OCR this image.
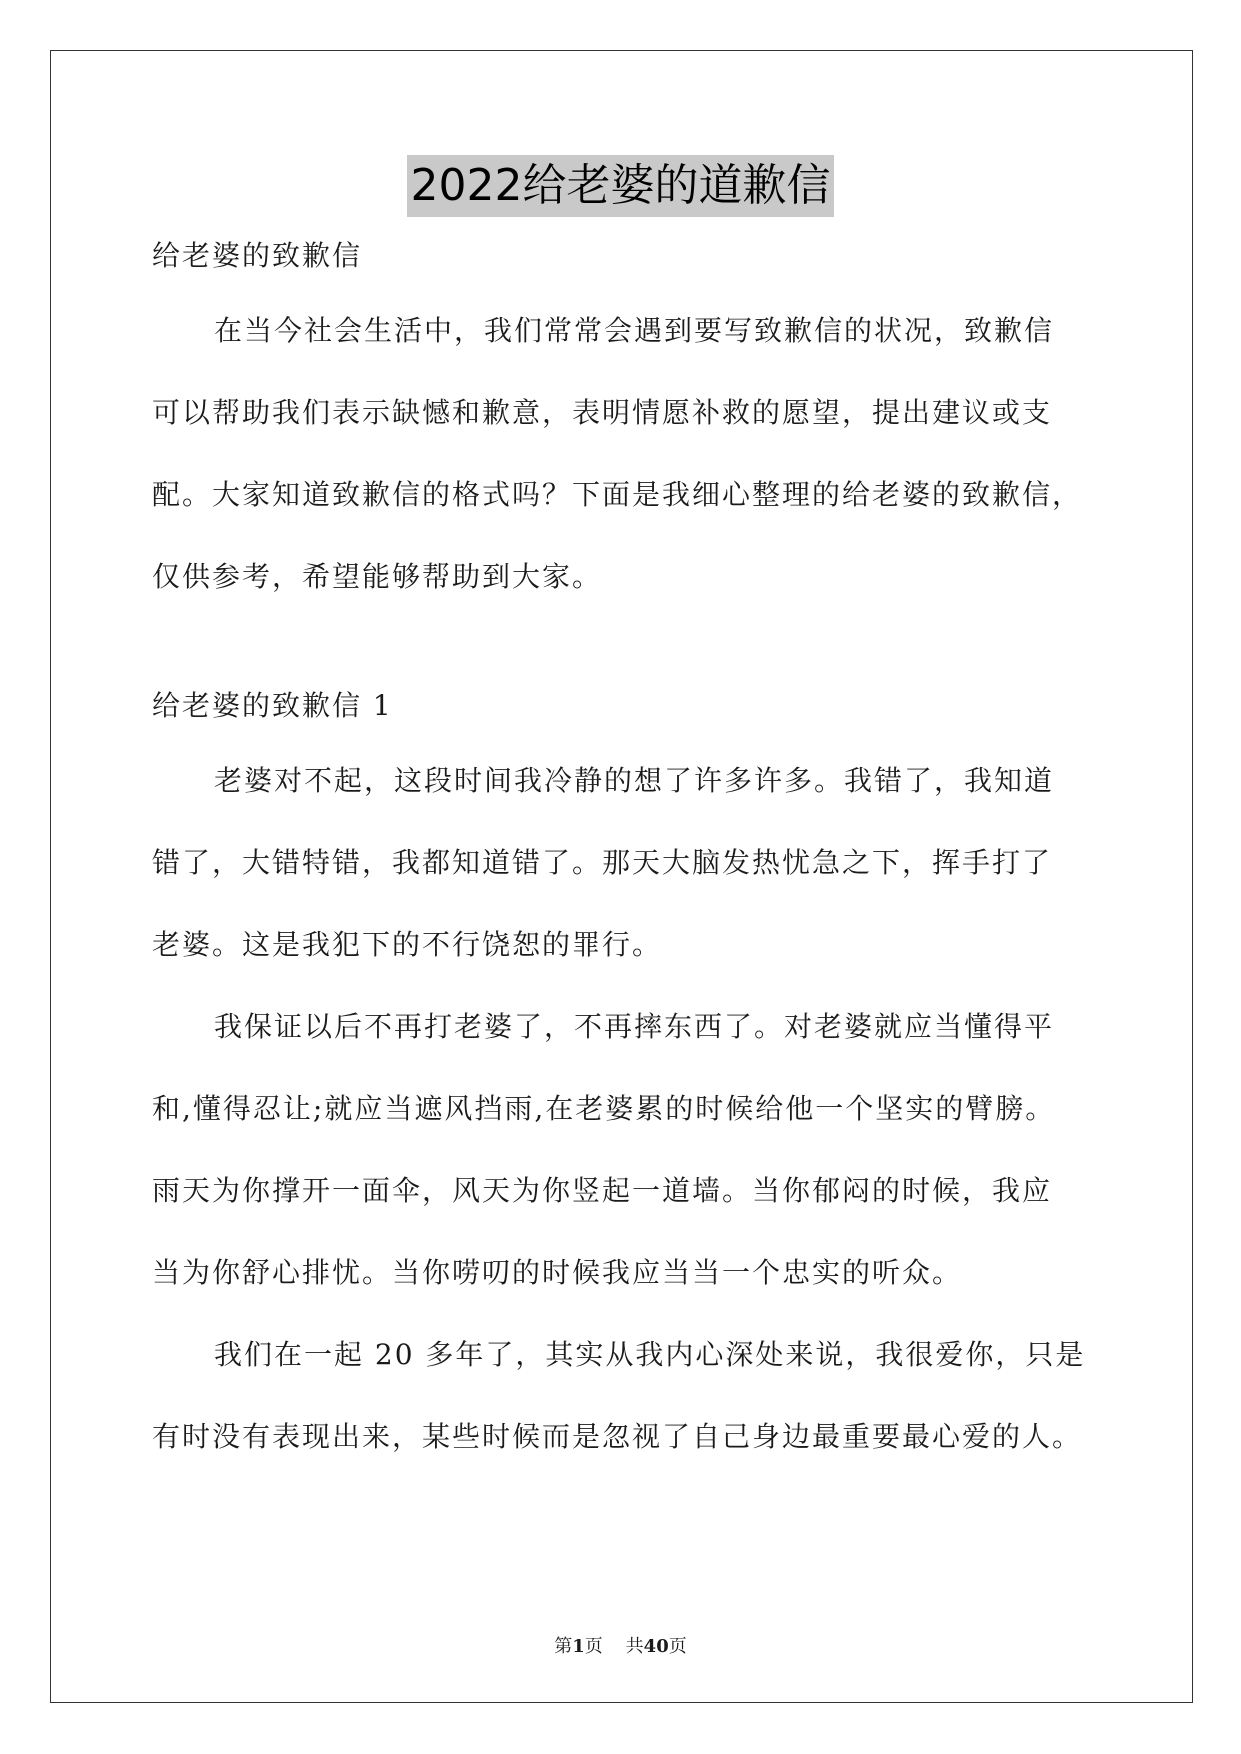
2022给老婆的道歉信
给老婆的致歉信
在当今社会生活中，我们常常会遇到要写致歉信的状况，致歉信
可以帮助我们表示缺憾和歉意，表明情愿补救的愿望，提出建议或支
配。大家知道致歉信的格式吗？下面是我细心整理的给老婆的致歉信，
仅供参考，希望能够帮助到大家。
给老婆的致歉信 1
老婆对不起，这段时间我冷静的想了许多许多。我错了，我知道
错了，大错特错，我都知道错了。那天大脑发热忧急之下，挥手打了
老婆。这是我犯下的不行饶恕的罪行。
我保证以后不再打老婆了，不再摔东西了。对老婆就应当懂得平
和,懂得忍让;就应当遮风挡雨,在老婆累的时候给他一个坚实的臂膀。
雨天为你撑开一面伞，风天为你竖起一道墙。当你郁闷的时候，我应
当为你舒心排忧。当你唠叨的时候我应当当一个忠实的听众。
我们在一起 20 多年了，其实从我内心深处来说，我很爱你，只是
有时没有表现出来，某些时候而是忽视了自己身边最重要最心爱的人。
第1页 共40页
